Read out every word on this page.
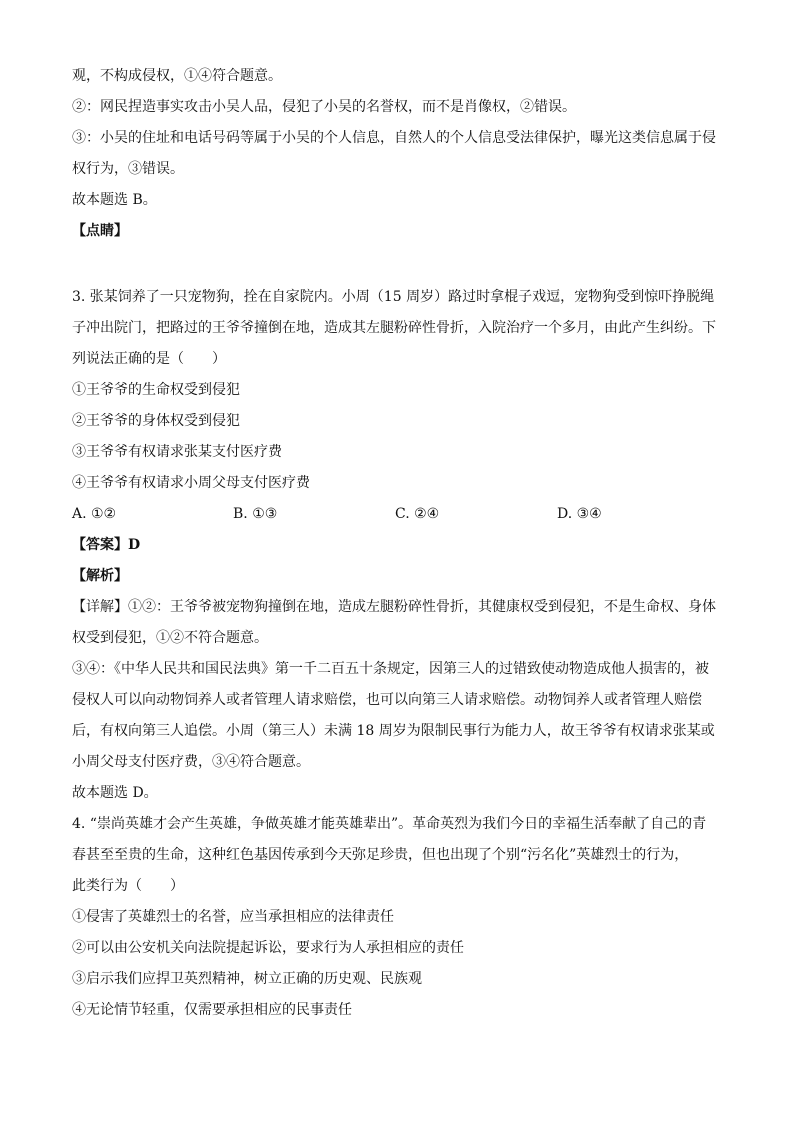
观，不构成侵权，①④符合题意。
②：网民捏造事实攻击小吴人品，侵犯了小吴的名誉权，而不是肖像权，②错误。
③：小吴的住址和电话号码等属于小吴的个人信息，自然人的个人信息受法律保护，曝光这类信息属于侵
权行为，③错误。
故本题选 B。
【点睛】
3. 张某饲养了一只宠物狗，拴在自家院内。小周（15 周岁）路过时拿棍子戏逗，宠物狗受到惊吓挣脱绳
子冲出院门，把路过的王爷爷撞倒在地，造成其左腿粉碎性骨折，入院治疗一个多月，由此产生纠纷。下
列说法正确的是（　　）
①王爷爷的生命权受到侵犯
②王爷爷的身体权受到侵犯
③王爷爷有权请求张某支付医疗费
④王爷爷有权请求小周父母支付医疗费
A. ①②	B. ①③	C. ②④	D. ③④
【答案】D
【解析】
【详解】①②：王爷爷被宠物狗撞倒在地，造成左腿粉碎性骨折，其健康权受到侵犯，不是生命权、身体
权受到侵犯，①②不符合题意。
③④：《中华人民共和国民法典》第一千二百五十条规定，因第三人的过错致使动物造成他人损害的，被
侵权人可以向动物饲养人或者管理人请求赔偿，也可以向第三人请求赔偿。动物饲养人或者管理人赔偿
后，有权向第三人追偿。小周（第三人）未满 18 周岁为限制民事行为能力人，故王爷爷有权请求张某或
小周父母支付医疗费，③④符合题意。
故本题选 D。
4. “崇尚英雄才会产生英雄，争做英雄才能英雄辈出”。革命英烈为我们今日的幸福生活奉献了自己的青
春甚至至贵的生命，这种红色基因传承到今天弥足珍贵，但也出现了个别“污名化”英雄烈士的行为，
此类行为（　　）
①侵害了英雄烈士的名誉，应当承担相应的法律责任
②可以由公安机关向法院提起诉讼，要求行为人承担相应的责任
③启示我们应捍卫英烈精神，树立正确的历史观、民族观
④无论情节轻重，仅需要承担相应的民事责任
